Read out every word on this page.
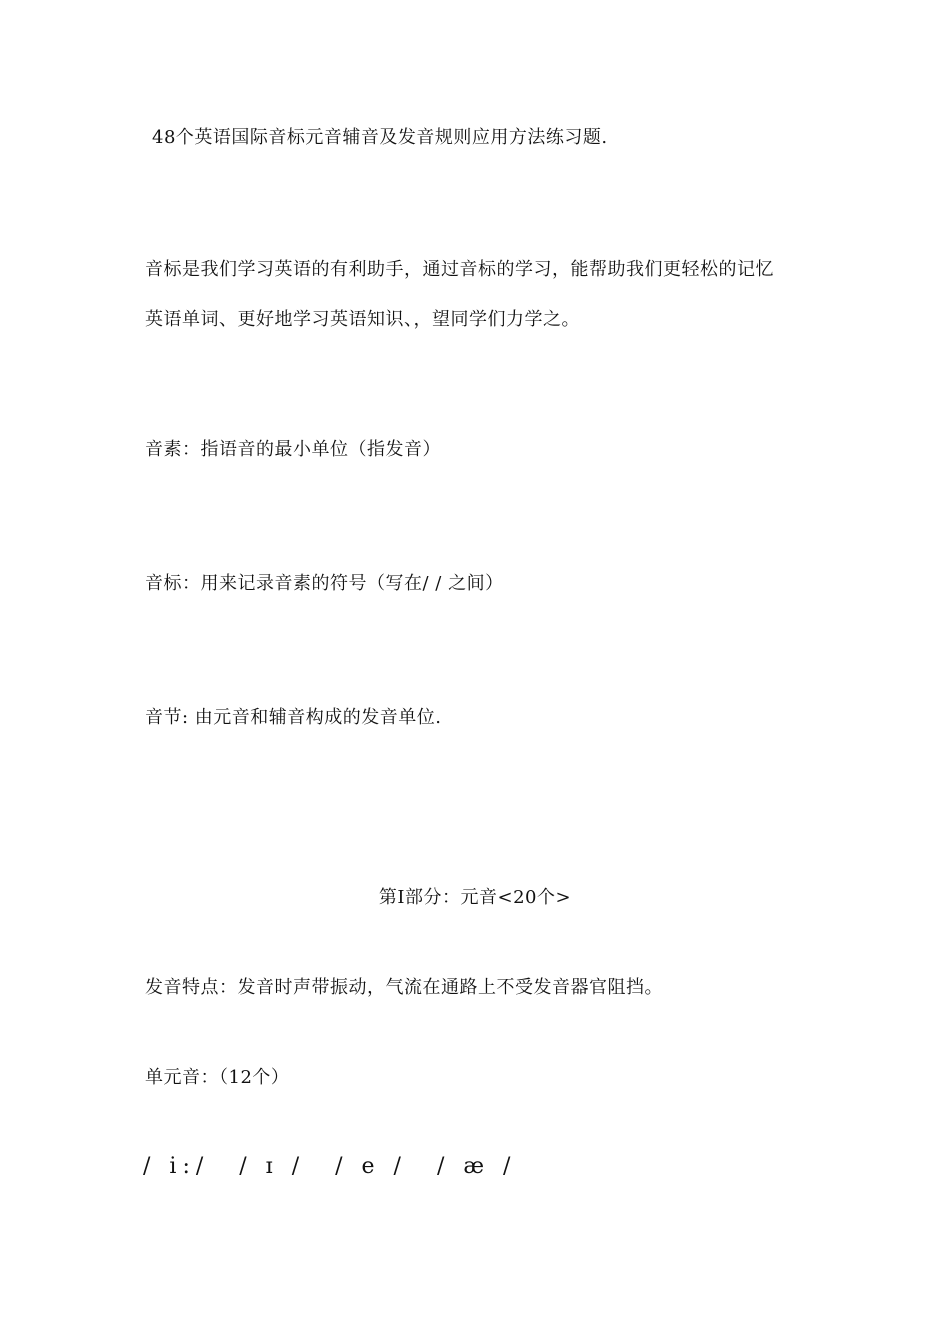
48个英语国际音标元音辅音及发音规则应用方法练习题.
音标是我们学习英语的有利助手，通过音标的学习，能帮助我们更轻松的记忆
英语单词、更好地学习英语知识、，望同学们力学之。
音素：指语音的最小单位（指发音）
音标：用来记录音素的符号（写在/ / 之间）
音节: 由元音和辅音构成的发音单位.
第Ⅰ部分：元音<20个>
发音特点：发音时声带振动，气流在通路上不受发音器官阻挡。
单元音：（12个）
/ i:/ / ɪ / / e / / æ /
